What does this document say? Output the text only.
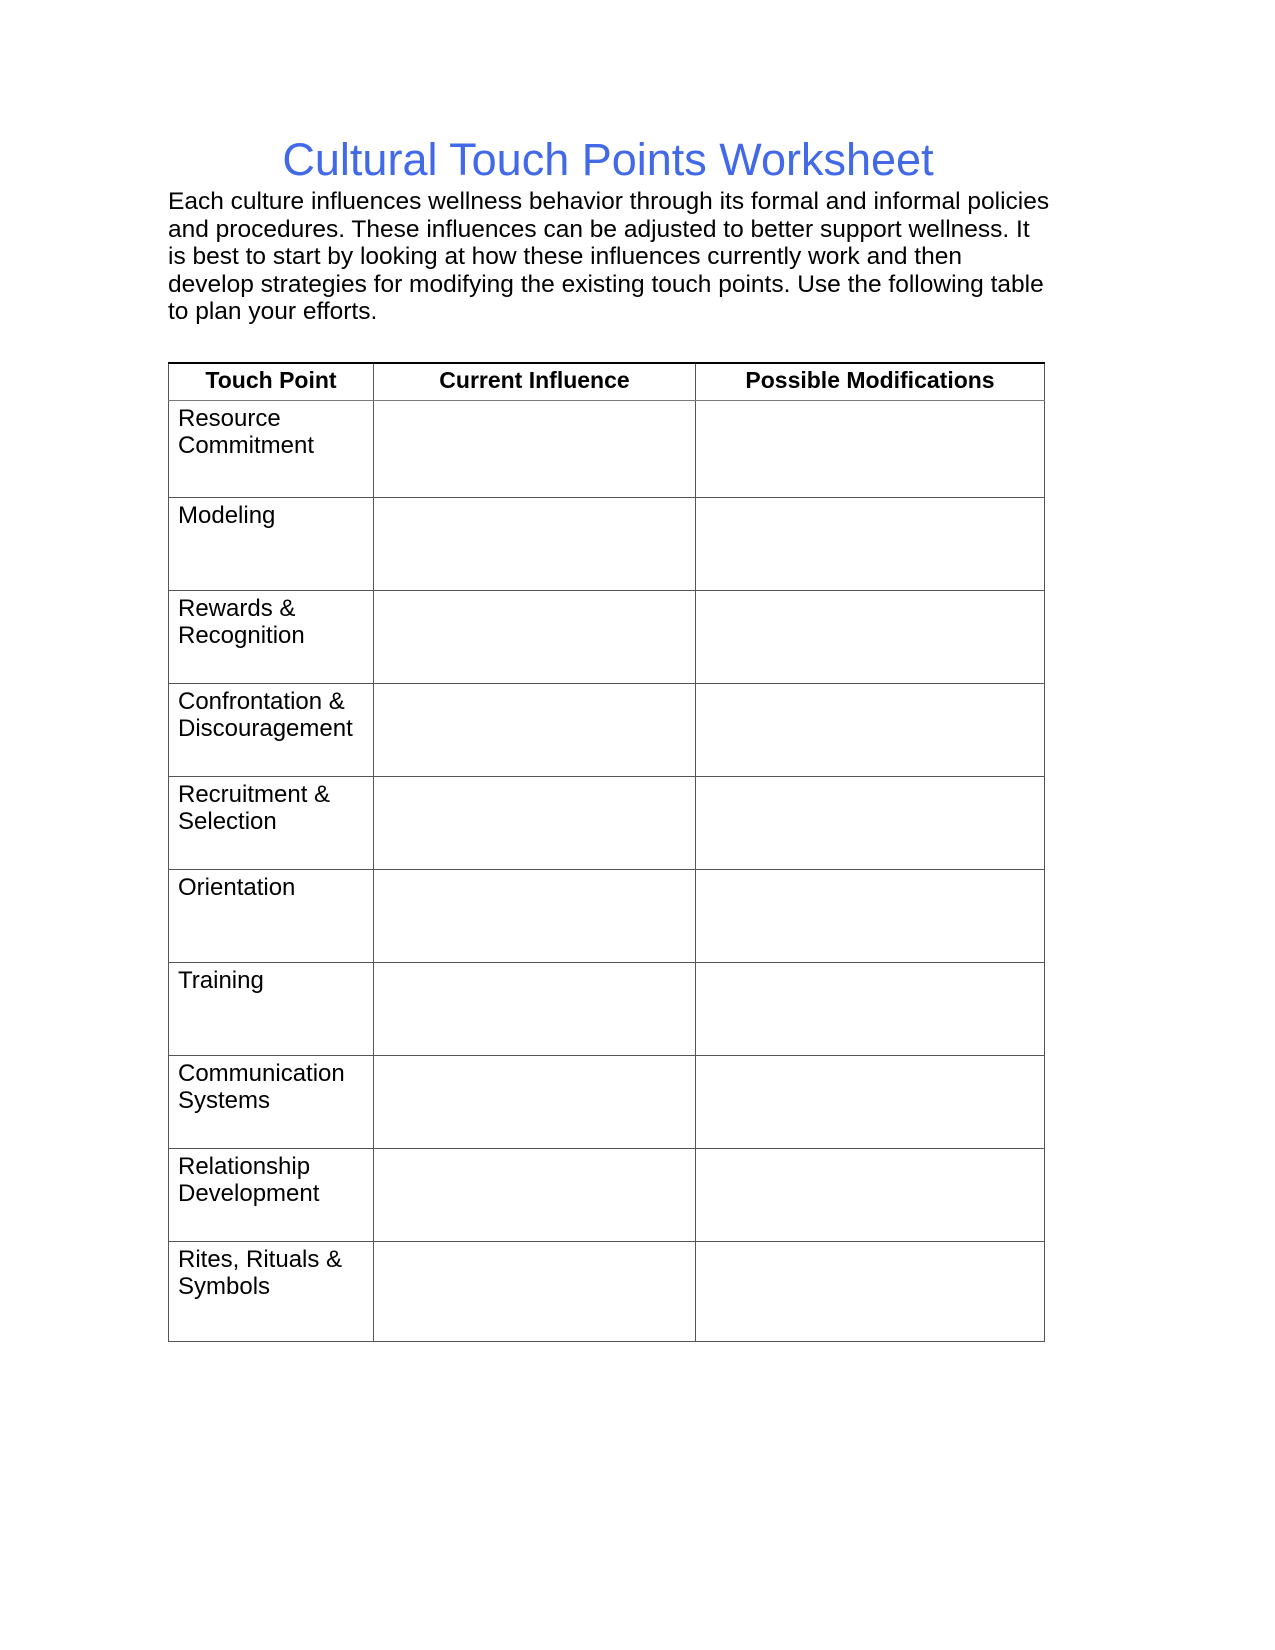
Cultural Touch Points Worksheet

Each culture influences wellness behavior through its formal and informal policies
and procedures. These influences can be adjusted to better support wellness. It
is best to start by looking at how these influences currently work and then
develop strategies for modifying the existing touch points. Use the following table
to plan your efforts.

Touch Point	Current Influence	Possible Modifications

Resource
Commitment		

Modeling		

Rewards &
Recognition		

Confrontation &
Discouragement		

Recruitment &
Selection		

Orientation		

Training		

Communication
Systems		

Relationship
Development		

Rites, Rituals &
Symbols		
